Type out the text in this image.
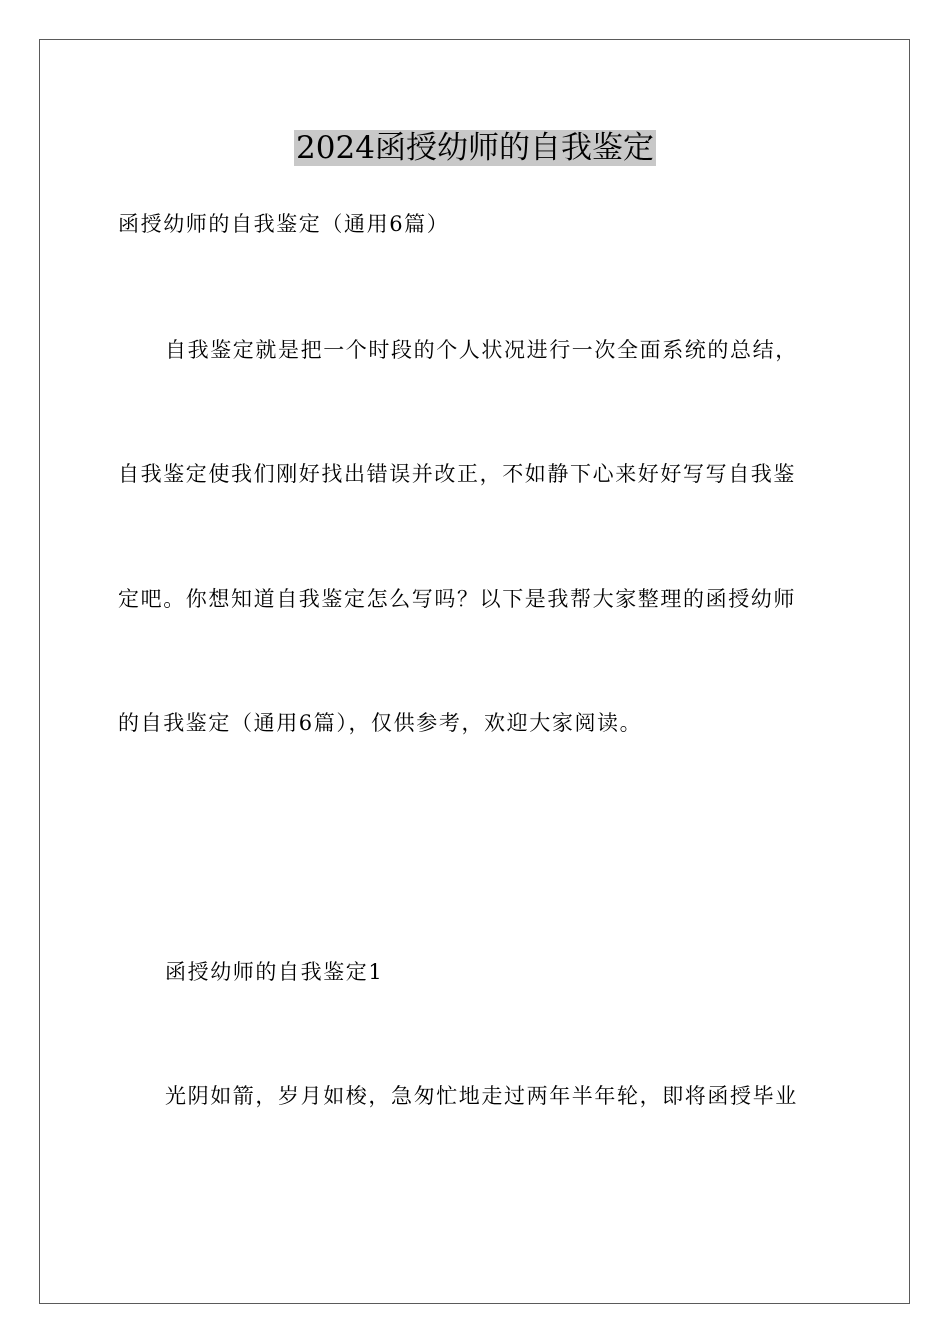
2024函授幼师的自我鉴定
函授幼师的自我鉴定（通用6篇）
自我鉴定就是把一个时段的个人状况进行一次全面系统的总结，
自我鉴定使我们刚好找出错误并改正，不如静下心来好好写写自我鉴
定吧。你想知道自我鉴定怎么写吗？以下是我帮大家整理的函授幼师
的自我鉴定（通用6篇），仅供参考，欢迎大家阅读。
函授幼师的自我鉴定1
光阴如箭，岁月如梭，急匆忙地走过两年半年轮，即将函授毕业
